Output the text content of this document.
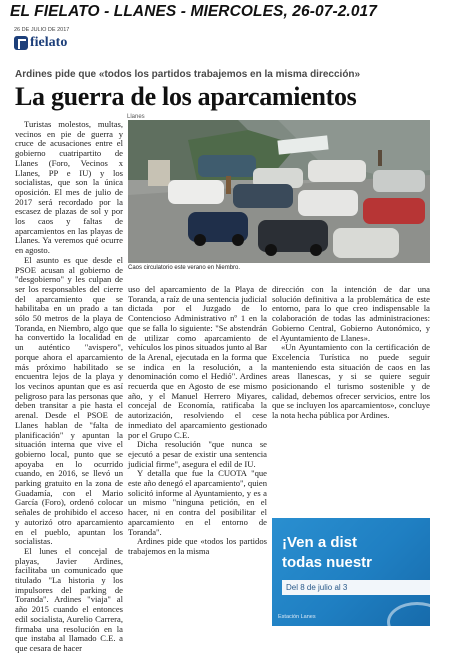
EL FIELATO - LLANES - MIERCOLES, 26-07-2.017
26 DE JULIO DE 2017
fielato
Ardines pide que «todos los partidos trabajemos en la misma dirección»
La guerra de los aparcamientos
Llanes

Turistas molestos, multas, vecinos en pie de guerra y cruce de acusaciones entre el gobierno cuatripartito de Llanes (Foro, Vecinos x Llanes, PP e IU) y los socialistas, que son la única oposición. El mes de julio de 2017 será recordado por la escasez de plazas de sol y por los caos y faltas de aparcamientos en las playas de Llanes. Ya veremos qué ocurre en agosto.

El asunto es que desde el PSOE acusan al gobierno de "desgobierno" y les culpan de ser los responsables del cierre del aparcamiento que se habilitaba en un prado a tan sólo 50 metros de la playa de Toranda, en Niembro, algo que ha convertido la localidad en un auténtico "avispero", porque ahora el aparcamiento más próximo habilitado se encuentra lejos de la playa y los vecinos apuntan que es así peligroso para las personas que deben transitar a pie hasta el arenal. Desde el PSOE de Llanes hablan de "falta de planificación" y apuntan la situación interna que vive el gobierno local, punto que se apoyaba en lo ocurrido cuando, en 2016, se llevó un parking gratuito en la zona de Guadamía, con el Mario García (Foro), ordenó colocar señales de prohibido el acceso y autorizó otro aparcamiento en el pueblo, apuntan los socialistas.

El lunes el concejal de playas, Javier Ardines, facilitaba un comunicado que titulado "La historia y los impulsores del parking de Toranda". Ardines "viaja" al año 2015 cuando el entonces edil socialista, Aurelio Carrera, firmaba una resolución en la que instaba al llamado C.E. a que cesara de hacer

Caos circulatorio este verano en Niembro.

uso del aparcamiento de la Playa de Toranda, a raíz de una sentencia judicial dictada por el Juzgado de lo Contencioso Administrativo nº 1 en la que se falla lo siguiente: "Se abstendrán de utilizar como aparcamiento de vehículos los pinos situados junto al Bar de la Arenal, ejecutada en la forma que se indica en la resolución, a la denominación como el Hedió". Ardines recuerda que en Agosto de ese mismo año, y el Manuel Herrero Miyares, concejal de Economía, ratificaba la autorización, resolviendo el cese inmediato del aparcamiento gestionado por el Grupo C.E.

Dicha resolución "que nunca se ejecutó a pesar de existir una sentencia judicial firme", asegura el edil de IU.

Y detalla que fue la CUOTA "que este año denegó el aparcamiento", quien solicitó informe al Ayuntamiento, y es a un mismo "ninguna petición, en el hacer, ni en contra del posibilitar el aparcamiento en el entorno de Toranda".

Ardines pide que «todos los partidos trabajemos en la misma

dirección con la intención de dar una solución definitiva a la problemática de este entorno, para lo que creo indispensable la colaboración de todas las administraciones: Gobierno Central, Gobierno Autonómico, y el Ayuntamiento de Llanes».

«Un Ayuntamiento con la certificación de Excelencia Turística no puede seguir manteniendo esta situación de caos en las areas llanescas, y si se quiere seguir posicionando el turismo sostenible y de calidad, debemos ofrecer servicios, entre los que se incluyen los aparcamientos», concluye la nota hecha pública por Ardines.

¡Ven a dist
todas nuestr
Del 8 de julio al 3
Estación Lanes
